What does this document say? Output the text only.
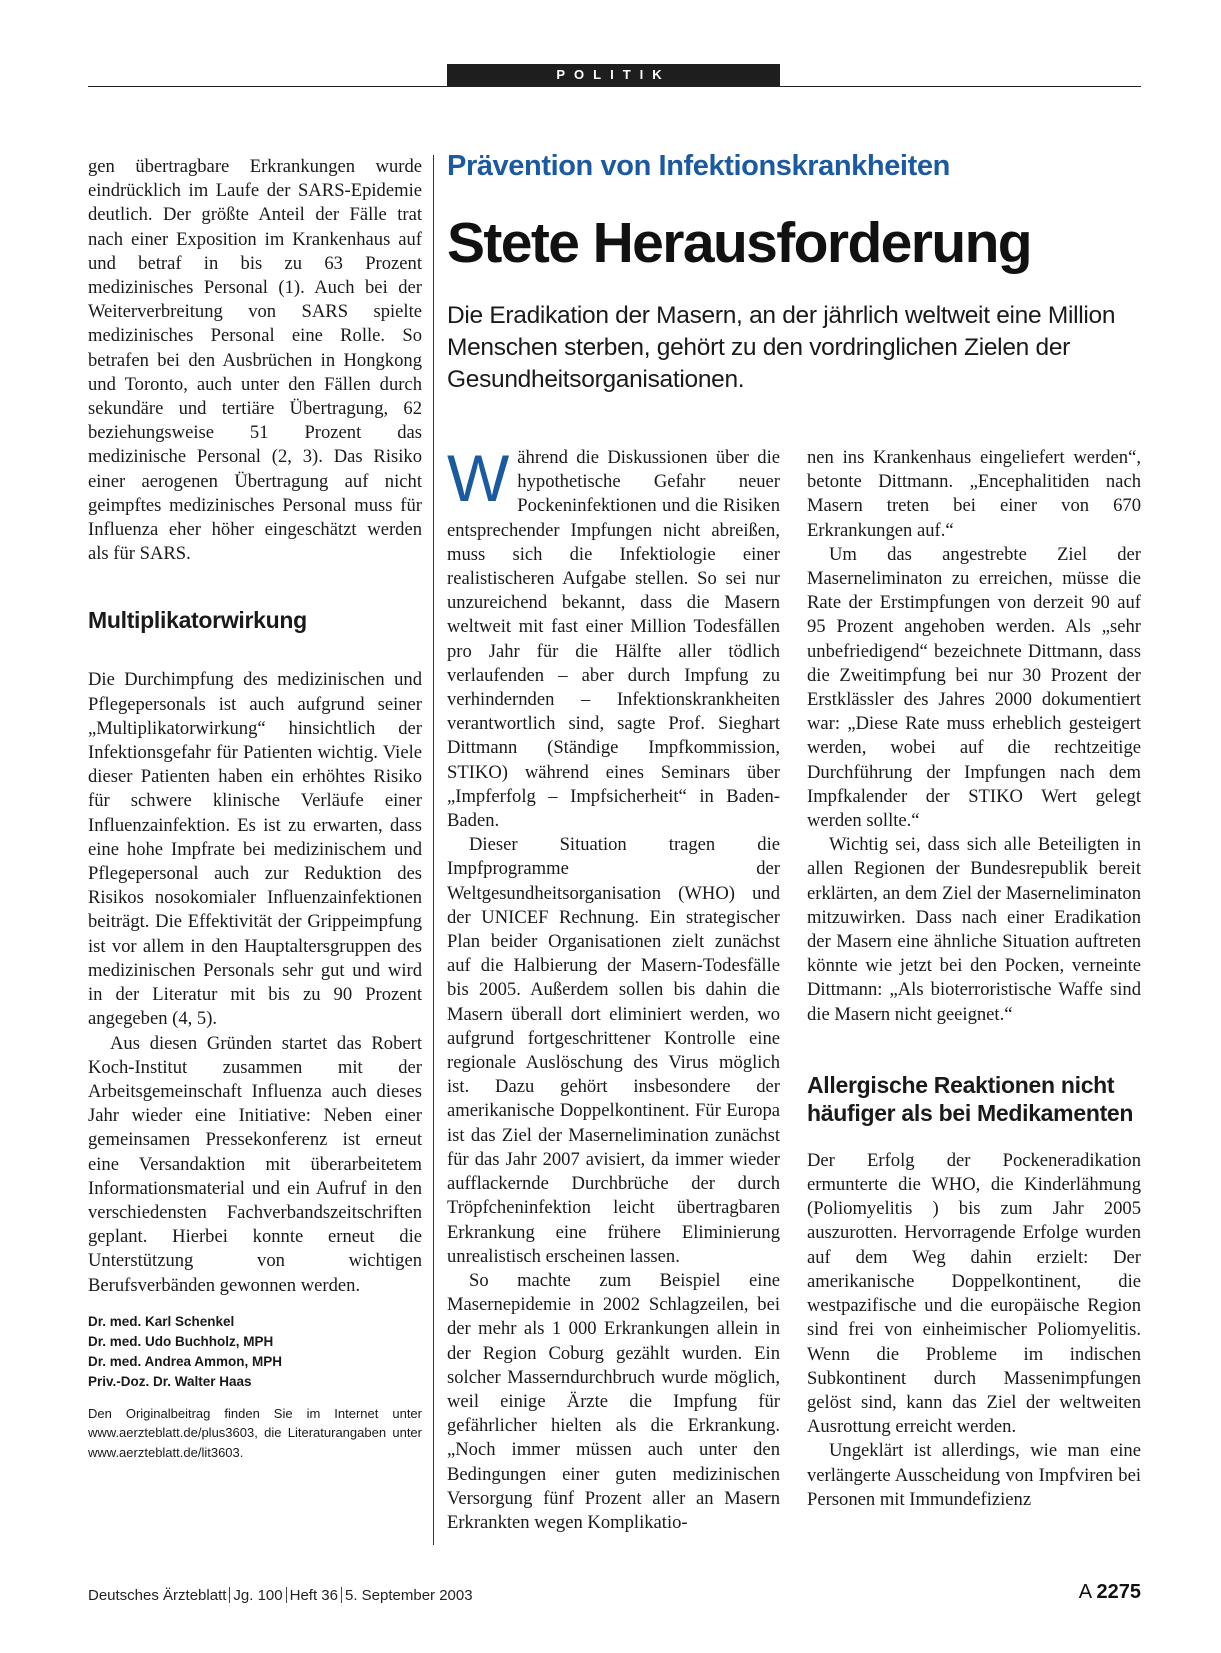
POLITIK

gen übertragbare Erkrankungen wurde eindrücklich im Laufe der SARS-Epidemie deutlich. Der größte Anteil der Fälle trat nach einer Exposition im Krankenhaus auf und betraf in bis zu 63 Prozent medizinisches Personal (1). Auch bei der Weiterverbreitung von SARS spielte medizinisches Personal eine Rolle. So betrafen bei den Ausbrüchen in Hongkong und Toronto, auch unter den Fällen durch sekundäre und tertiäre Übertragung, 62 beziehungsweise 51 Prozent das medizinische Personal (2, 3). Das Risiko einer aerogenen Übertragung auf nicht geimpftes medizinisches Personal muss für Influenza eher höher eingeschätzt werden als für SARS.

Multiplikatorwirkung

Die Durchimpfung des medizinischen und Pflegepersonals ist auch aufgrund seiner „Multiplikatorwirkung“ hinsichtlich der Infektionsgefahr für Patienten wichtig. Viele dieser Patienten haben ein erhöhtes Risiko für schwere klinische Verläufe einer Influenzainfektion. Es ist zu erwarten, dass eine hohe Impfrate bei medizinischem und Pflegepersonal auch zur Reduktion des Risikos nosokomialer Influenzainfektionen beiträgt. Die Effektivität der Grippeimpfung ist vor allem in den Hauptaltersgruppen des medizinischen Personals sehr gut und wird in der Literatur mit bis zu 90 Prozent angegeben (4, 5).

Aus diesen Gründen startet das Robert Koch-Institut zusammen mit der Arbeitsgemeinschaft Influenza auch dieses Jahr wieder eine Initiative: Neben einer gemeinsamen Pressekonferenz ist erneut eine Versandaktion mit überarbeitetem Informationsmaterial und ein Aufruf in den verschiedensten Fachverbandszeitschriften geplant. Hierbei konnte erneut die Unterstützung von wichtigen Berufsverbänden gewonnen werden.

Dr. med. Karl Schenkel
Dr. med. Udo Buchholz, MPH
Dr. med. Andrea Ammon, MPH
Priv.-Doz. Dr. Walter Haas
Den Originalbeitrag finden Sie im Internet unter www.aerzteblatt.de/plus3603, die Literaturangaben unter www.aerzteblatt.de/lit3603.
Prävention von Infektionskrankheiten
Stete Herausforderung
Die Eradikation der Masern, an der jährlich weltweit eine Million Menschen sterben, gehört zu den vordringlichen Zielen der Gesundheitsorganisationen.

Während die Diskussionen über die hypothetische Gefahr neuer Pockeninfektionen und die Risiken entsprechender Impfungen nicht abreißen, muss sich die Infektiologie einer realistischeren Aufgabe stellen. So sei nur unzureichend bekannt, dass die Masern weltweit mit fast einer Million Todesfällen pro Jahr für die Hälfte aller tödlich verlaufenden – aber durch Impfung zu verhindernden – Infektionskrankheiten verantwortlich sind, sagte Prof. Sieghart Dittmann (Ständige Impfkommission, STIKO) während eines Seminars über „Impferfolg – Impfsicherheit“ in Baden-Baden.

Dieser Situation tragen die Impfprogramme der Weltgesundheitsorganisation (WHO) und der UNICEF Rechnung. Ein strategischer Plan beider Organisationen zielt zunächst auf die Halbierung der Masern-Todesfälle bis 2005. Außerdem sollen bis dahin die Masern überall dort eliminiert werden, wo aufgrund fortgeschrittener Kontrolle eine regionale Auslöschung des Virus möglich ist. Dazu gehört insbesondere der amerikanische Doppelkontinent. Für Europa ist das Ziel der Masernelimination zunächst für das Jahr 2007 avisiert, da immer wieder aufflackernde Durchbrüche der durch Tröpfcheninfektion leicht übertragbaren Erkrankung eine frühere Eliminierung unrealistisch erscheinen lassen.

So machte zum Beispiel eine Masernepidemie in 2002 Schlagzeilen, bei der mehr als 1 000 Erkrankungen allein in der Region Coburg gezählt wurden. Ein solcher Masserndurchbruch wurde möglich, weil einige Ärzte die Impfung für gefährlicher hielten als die Erkrankung. „Noch immer müssen auch unter den Bedingungen einer guten medizinischen Versorgung fünf Prozent aller an Masern Erkrankten wegen Komplikatio-

nen ins Krankenhaus eingeliefert werden“, betonte Dittmann. „Encephalitiden nach Masern treten bei einer von 670 Erkrankungen auf.“

Um das angestrebte Ziel der Maserneliminaton zu erreichen, müsse die Rate der Erstimpfungen von derzeit 90 auf 95 Prozent angehoben werden. Als „sehr unbefriedigend“ bezeichnete Dittmann, dass die Zweitimpfung bei nur 30 Prozent der Erstklässler des Jahres 2000 dokumentiert war: „Diese Rate muss erheblich gesteigert werden, wobei auf die rechtzeitige Durchführung der Impfungen nach dem Impfkalender der STIKO Wert gelegt werden sollte.“

Wichtig sei, dass sich alle Beteiligten in allen Regionen der Bundesrepublik bereit erklärten, an dem Ziel der Maserneliminaton mitzuwirken. Dass nach einer Eradikation der Masern eine ähnliche Situation auftreten könnte wie jetzt bei den Pocken, verneinte Dittmann: „Als bioterroristische Waffe sind die Masern nicht geeignet.“

Allergische Reaktionen nicht häufiger als bei Medikamenten

Der Erfolg der Pockeneradikation ermunterte die WHO, die Kinderlähmung (Poliomyelitis ) bis zum Jahr 2005 auszurotten. Hervorragende Erfolge wurden auf dem Weg dahin erzielt: Der amerikanische Doppelkontinent, die westpazifische und die europäische Region sind frei von einheimischer Poliomyelitis. Wenn die Probleme im indischen Subkontinent durch Massenimpfungen gelöst sind, kann das Ziel der weltweiten Ausrottung erreicht werden.

Ungeklärt ist allerdings, wie man eine verlängerte Ausscheidung von Impfviren bei Personen mit Immundefizienz

Deutsches Ärzteblatt Jg. 100 Heft 36 5. September 2003	A 2275
